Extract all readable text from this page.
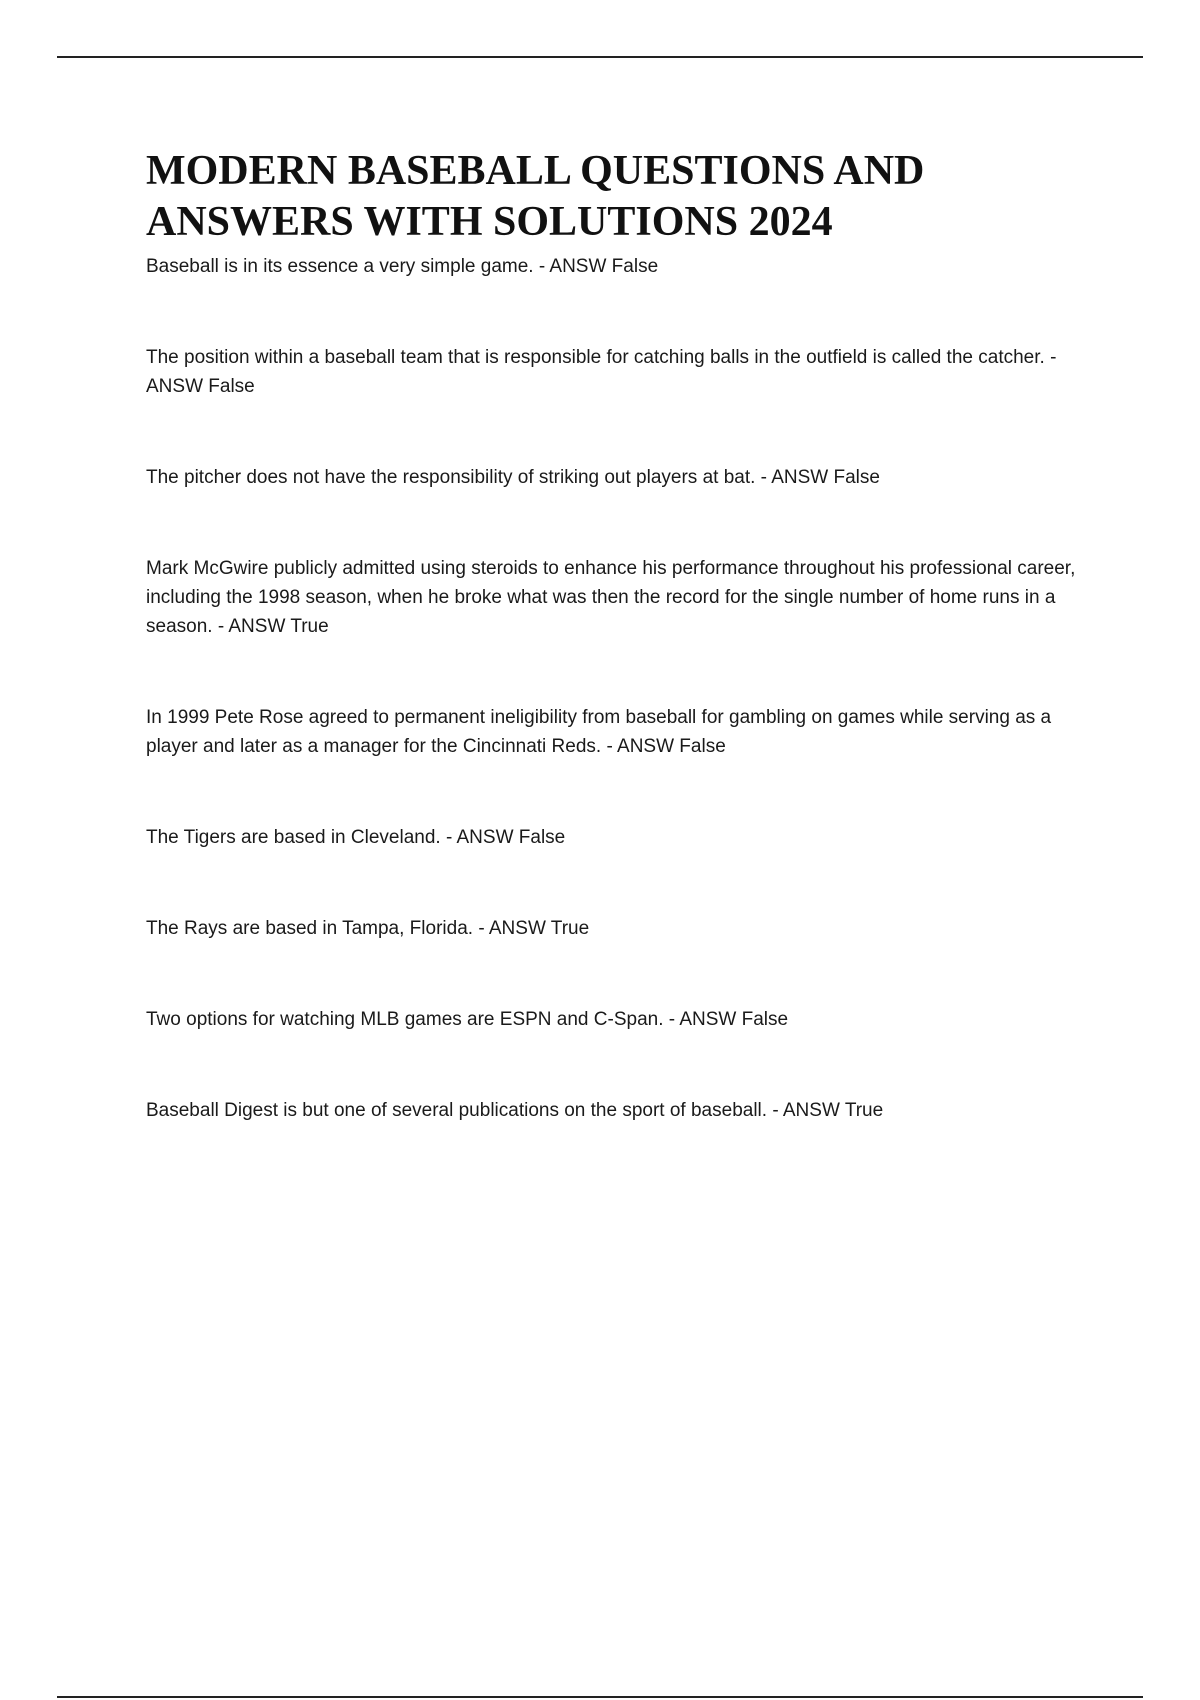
MODERN BASEBALL QUESTIONS AND ANSWERS WITH SOLUTIONS 2024
Baseball is in its essence a very simple game. - ANSW False
The position within a baseball team that is responsible for catching balls in the outfield is called the catcher. - ANSW False
The pitcher does not have the responsibility of striking out players at bat. - ANSW False
Mark McGwire publicly admitted using steroids to enhance his performance throughout his professional career, including the 1998 season, when he broke what was then the record for the single number of home runs in a season. - ANSW True
In 1999 Pete Rose agreed to permanent ineligibility from baseball for gambling on games while serving as a player and later as a manager for the Cincinnati Reds. - ANSW False
The Tigers are based in Cleveland. - ANSW False
The Rays are based in Tampa, Florida. - ANSW True
Two options for watching MLB games are ESPN and C-Span. - ANSW False
Baseball Digest is but one of several publications on the sport of baseball. - ANSW True
